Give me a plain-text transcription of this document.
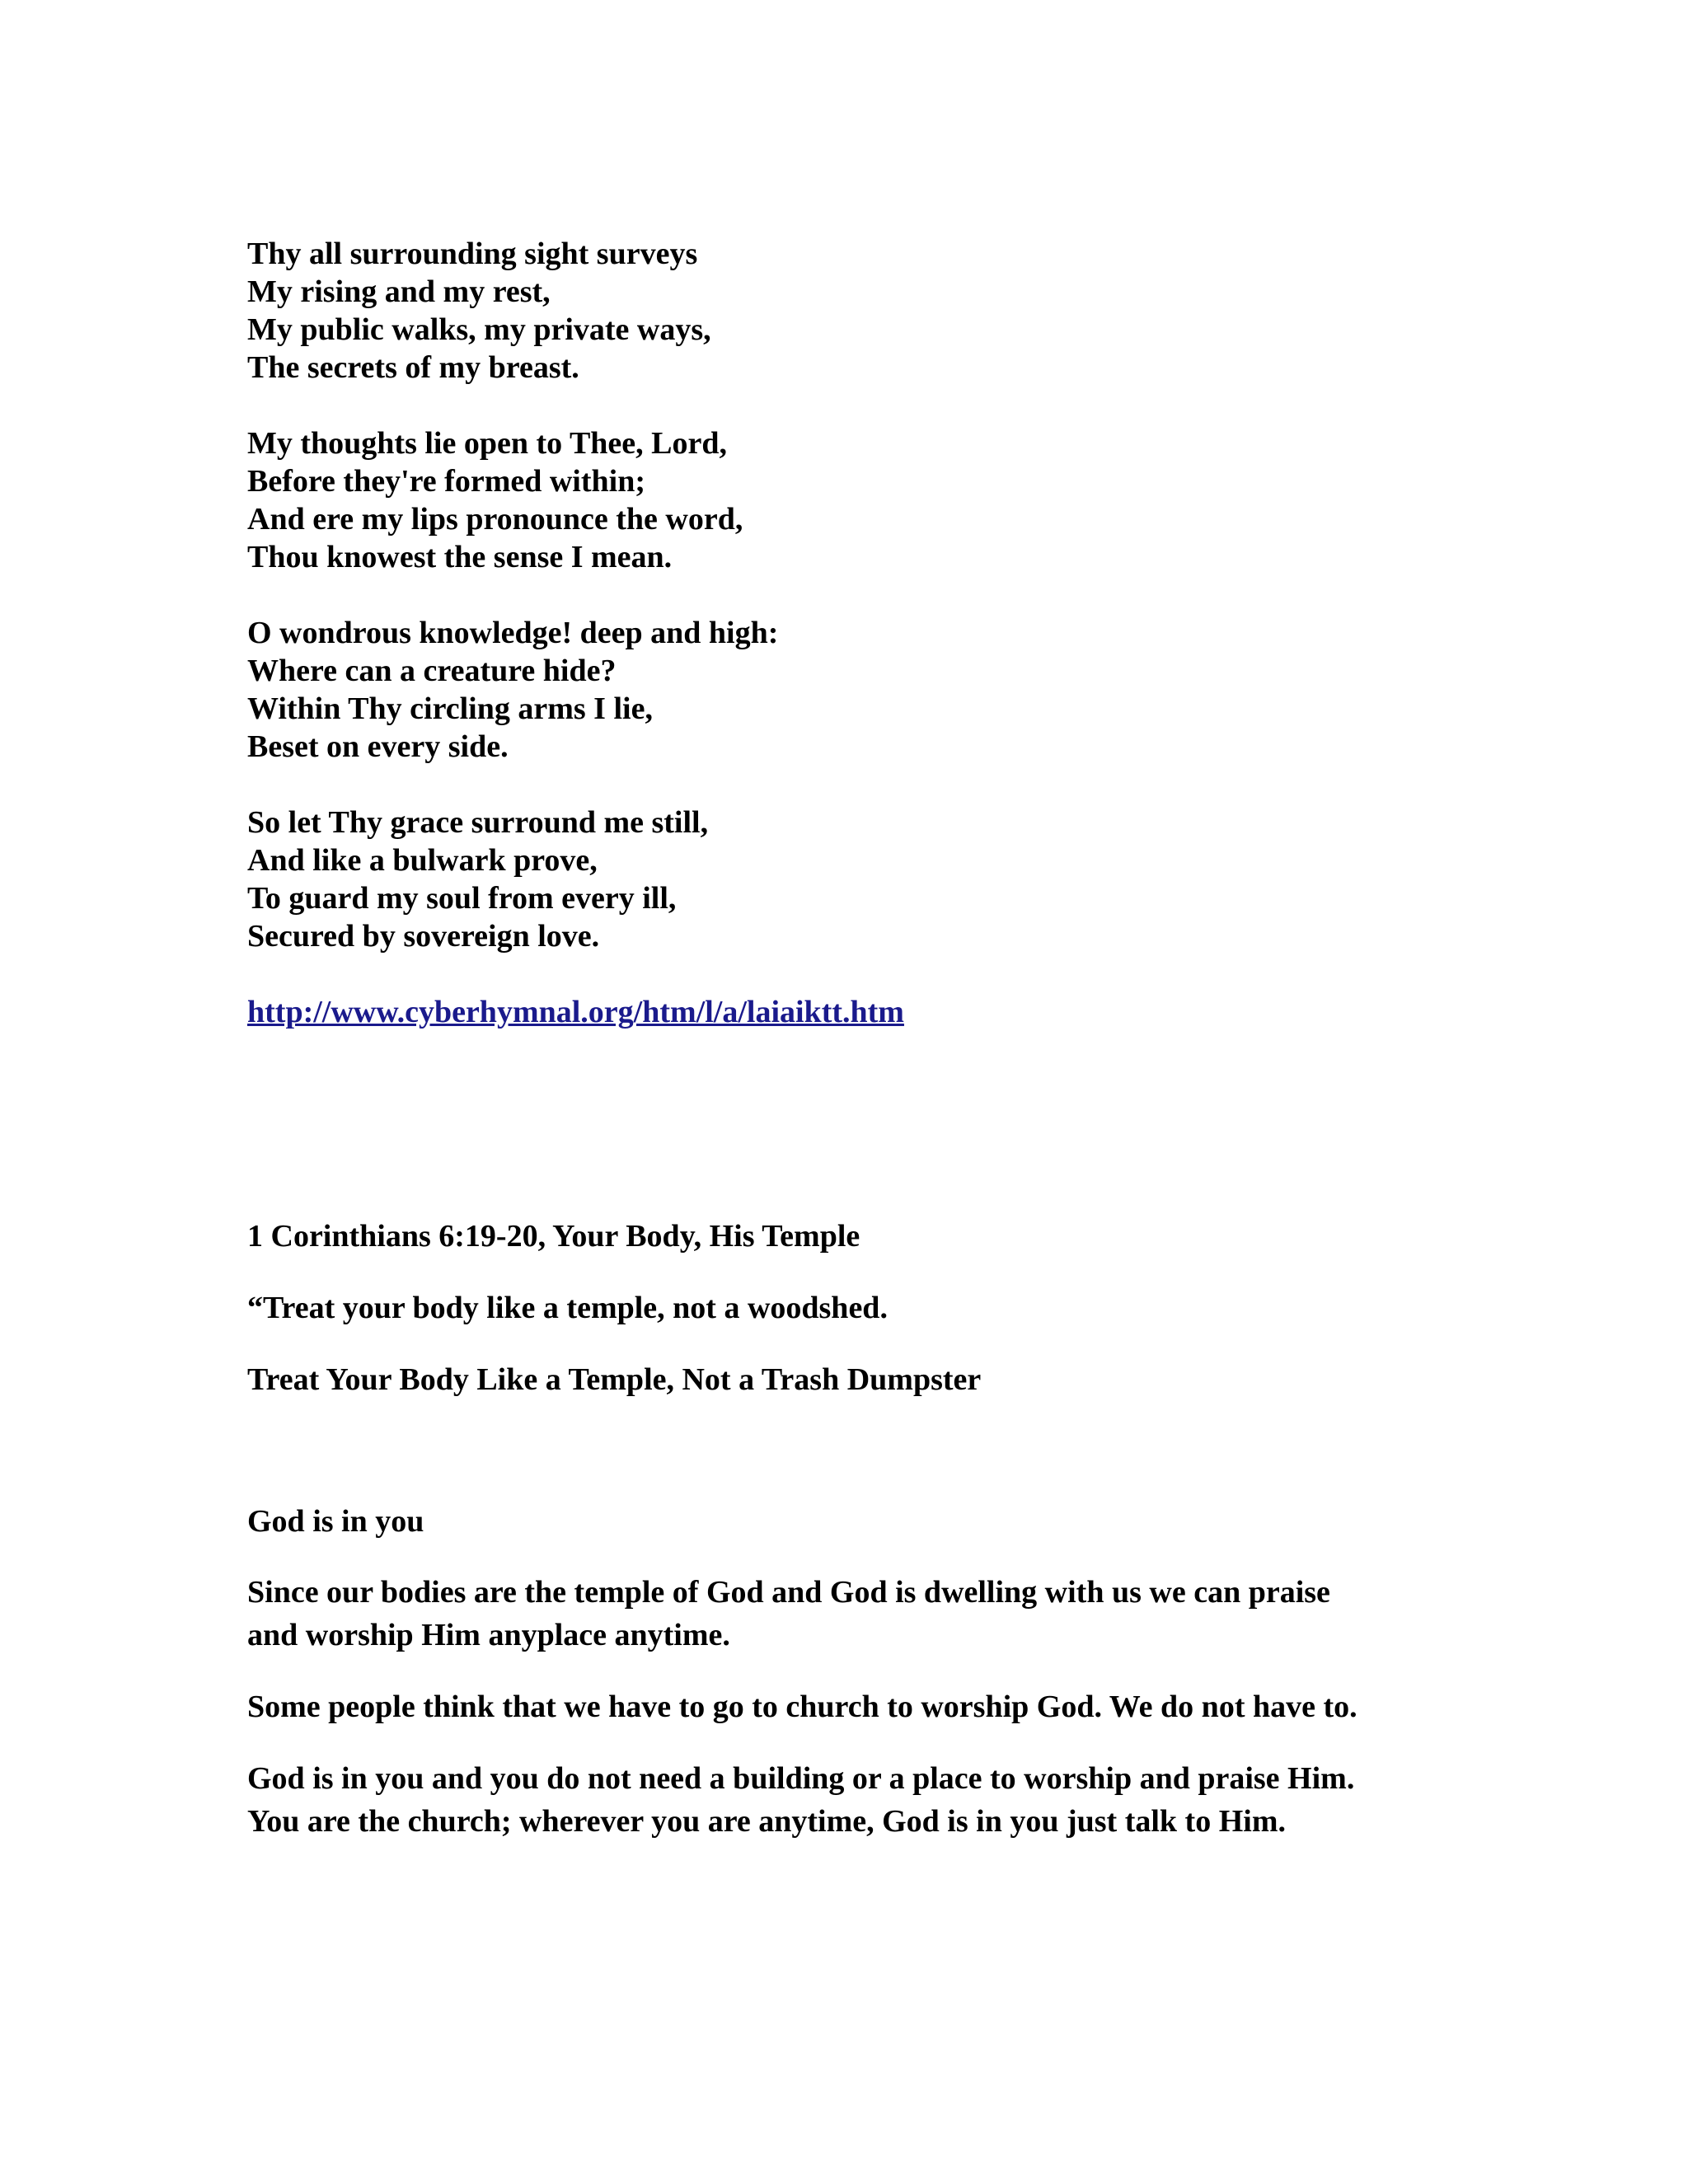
Thy all surrounding sight surveys
My rising and my rest,
My public walks, my private ways,
The secrets of my breast.
My thoughts lie open to Thee, Lord,
Before they're formed within;
And ere my lips pronounce the word,
Thou knowest the sense I mean.
O wondrous knowledge! deep and high:
Where can a creature hide?
Within Thy circling arms I lie,
Beset on every side.
So let Thy grace surround me still,
And like a bulwark prove,
To guard my soul from every ill,
Secured by sovereign love.
http://www.cyberhymnal.org/htm/l/a/laiaiktt.htm

1 Corinthians 6:19-20, Your Body, His Temple

“Treat your body like a temple, not a woodshed.

Treat Your Body Like a Temple, Not a Trash Dumpster

God is in you

Since our bodies are the temple of God and God is dwelling with us we can praise
and worship Him anyplace anytime.

Some people think that we have to go to church to worship God. We do not have to.

God is in you and you do not need a building or a place to worship and praise Him.
You are the church; wherever you are anytime, God is in you just talk to Him.
